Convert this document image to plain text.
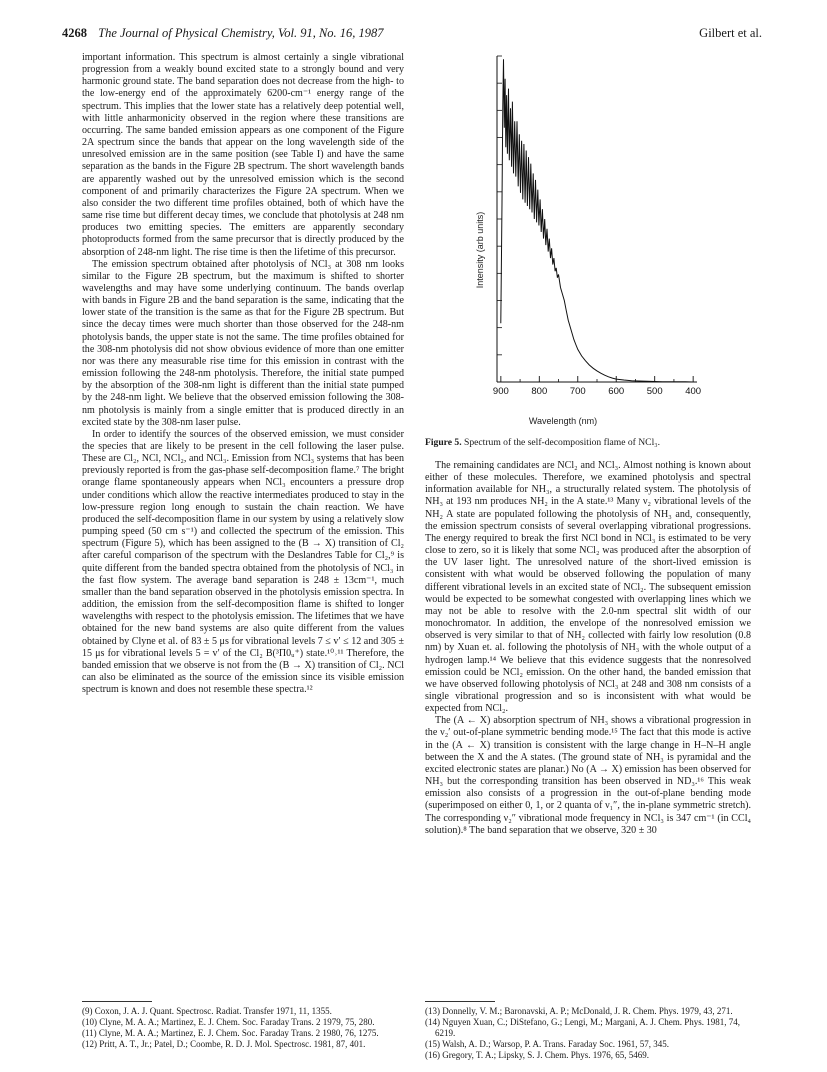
4268 The Journal of Physical Chemistry, Vol. 91, No. 16, 1987	Gilbert et al.

important information. This spectrum is almost certainly a single vibrational progression from a weakly bound excited state to a strongly bound and very harmonic ground state. The band separation does not decrease from the high- to the low-energy end of the approximately 6200-cm⁻¹ energy range of the spectrum. This implies that the lower state has a relatively deep potential well, with little anharmonicity observed in the region where these transitions are occurring. The same banded emission appears as one component of the Figure 2A spectrum since the bands that appear on the long wavelength side of the unresolved emission are in the same position (see Table I) and have the same separation as the bands in the Figure 2B spectrum. The short wavelength bands are apparently washed out by the unresolved emission which is the second component of and primarily characterizes the Figure 2A spectrum. When we also consider the two different time profiles obtained, both of which have the same rise time but different decay times, we conclude that photolysis at 248 nm produces two emitting species. The emitters are apparently secondary photoproducts formed from the same precursor that is directly produced by the absorption of 248-nm light. The rise time is then the lifetime of this precursor.

The emission spectrum obtained after photolysis of NCl₃ at 308 nm looks similar to the Figure 2B spectrum, but the maximum is shifted to shorter wavelengths and may have some underlying continuum. The bands overlap with bands in Figure 2B and the band separation is the same, indicating that the lower state of the transition is the same as that for the Figure 2B spectrum. But since the decay times were much shorter than those observed for the 248-nm photolysis bands, the upper state is not the same. The time profiles obtained for the 308-nm photolysis did not show obvious evidence of more than one emitter nor was there any measurable rise time for this emission in contrast with the emission following the 248-nm photolysis. Therefore, the initial state pumped by the absorption of the 308-nm light is different than the initial state pumped by the 248-nm light. We believe that the observed emission following the 308-nm photolysis is mainly from a single emitter that is produced directly in an excited state by the 308-nm laser pulse.

In order to identify the sources of the observed emission, we must consider the species that are likely to be present in the cell following the laser pulse. These are Cl₂, NCl, NCl₂, and NCl₃. Emission from NCl₃ systems that has been previously reported is from the gas-phase self-decomposition flame.⁷ The bright orange flame spontaneously appears when NCl₃ encounters a pressure drop under conditions which allow the reactive intermediates produced to stay in the low-pressure region long enough to sustain the chain reaction. We have produced the self-decomposition flame in our system by using a relatively slow pumping speed (50 cm s⁻¹) and collected the spectrum of the emission. This spectrum (Figure 5), which has been assigned to the (B → X) transition of Cl₂ after careful comparison of the spectrum with the Deslandres Table for Cl₂,⁹ is quite different from the banded spectra obtained from the photolysis of NCl₃ in the fast flow system. The average band separation is 248 ± 13cm⁻¹, much smaller than the band separation observed in the photolysis emission spectra. In addition, the emission from the self-decomposition flame is shifted to longer wavelengths with respect to the photolysis emission. The lifetimes that we have obtained for the new band systems are also quite different from the values obtained by Clyne et al. of 83 ± 5 μs for vibrational levels 7 ≤ v′ ≤ 12 and 305 ± 15 μs for vibrational levels 5 = v′ of the Cl₂ B(³Π0ᵤ⁺) state.¹⁰˒¹¹ Therefore, the banded emission that we observe is not from the (B → X) transition of Cl₂. NCl can also be eliminated as the source of the emission since its visible emission spectrum is known and does not resemble these spectra.¹²

900 800 700 600 500 400
Intensity (arb units)
Wavelength (nm)
Figure 5. Spectrum of the self-decomposition flame of NCl₃.

The remaining candidates are NCl₂ and NCl₃. Almost nothing is known about either of these molecules. Therefore, we examined photolysis and spectral information available for NH₃, a structurally related system. The photolysis of NH₃ at 193 nm produces NH₂ in the A state.¹³ Many ν₂ vibrational levels of the NH₂ A state are populated following the photolysis of NH₃ and, consequently, the emission spectrum consists of several overlapping vibrational progressions. The energy required to break the first NCl bond in NCl₃ is estimated to be very close to zero, so it is likely that some NCl₂ was produced after the absorption of the UV laser light. The unresolved nature of the short-lived emission is consistent with what would be observed following the population of many different vibrational levels in an excited state of NCl₂. The subsequent emission would be expected to be somewhat congested with overlapping lines which we may not be able to resolve with the 2.0-nm spectral slit width of our monochromator. In addition, the envelope of the nonresolved emission we observed is very similar to that of NH₂ collected with fairly low resolution (0.8 nm) by Xuan et. al. following the photolysis of NH₃ with the whole output of a hydrogen lamp.¹⁴ We believe that this evidence suggests that the nonresolved emission could be NCl₂ emission. On the other hand, the banded emission that we have observed following photolysis of NCl₃ at 248 and 308 nm consists of a single vibrational progression and so is inconsistent with what would be expected from NCl₂.

The (A ← X) absorption spectrum of NH₃ shows a vibrational progression in the ν₂′ out-of-plane symmetric bending mode.¹⁵ The fact that this mode is active in the (A ← X) transition is consistent with the large change in H–N–H angle between the X and the A states. (The ground state of NH₃ is pyramidal and the excited electronic states are planar.) No (A → X) emission has been observed for NH₃ but the corresponding transition has been observed in ND₃.¹⁶ This weak emission also consists of a progression in the out-of-plane bending mode (superimposed on either 0, 1, or 2 quanta of ν₁″, the in-plane symmetric stretch). The corresponding ν₂″ vibrational mode frequency in NCl₃ is 347 cm⁻¹ (in CCl₄ solution).⁸ The band separation that we observe, 320 ± 30

(9) Coxon, J. A. J. Quant. Spectrosc. Radiat. Transfer 1971, 11, 1355.
(10) Clyne, M. A. A.; Martinez, E. J. Chem. Soc. Faraday Trans. 2 1979, 75, 280.
(11) Clyne, M. A. A.; Martinez, E. J. Chem. Soc. Faraday Trans. 2 1980, 76, 1275.
(12) Pritt, A. T., Jr.; Patel, D.; Coombe, R. D. J. Mol. Spectrosc. 1981, 87, 401.
(13) Donnelly, V. M.; Baronavski, A. P.; McDonald, J. R. Chem. Phys. 1979, 43, 271.
(14) Nguyen Xuan, C.; DiStefano, G.; Lengi, M.; Margani, A. J. Chem. Phys. 1981, 74, 6219.
(15) Walsh, A. D.; Warsop, P. A. Trans. Faraday Soc. 1961, 57, 345.
(16) Gregory, T. A.; Lipsky, S. J. Chem. Phys. 1976, 65, 5469.
